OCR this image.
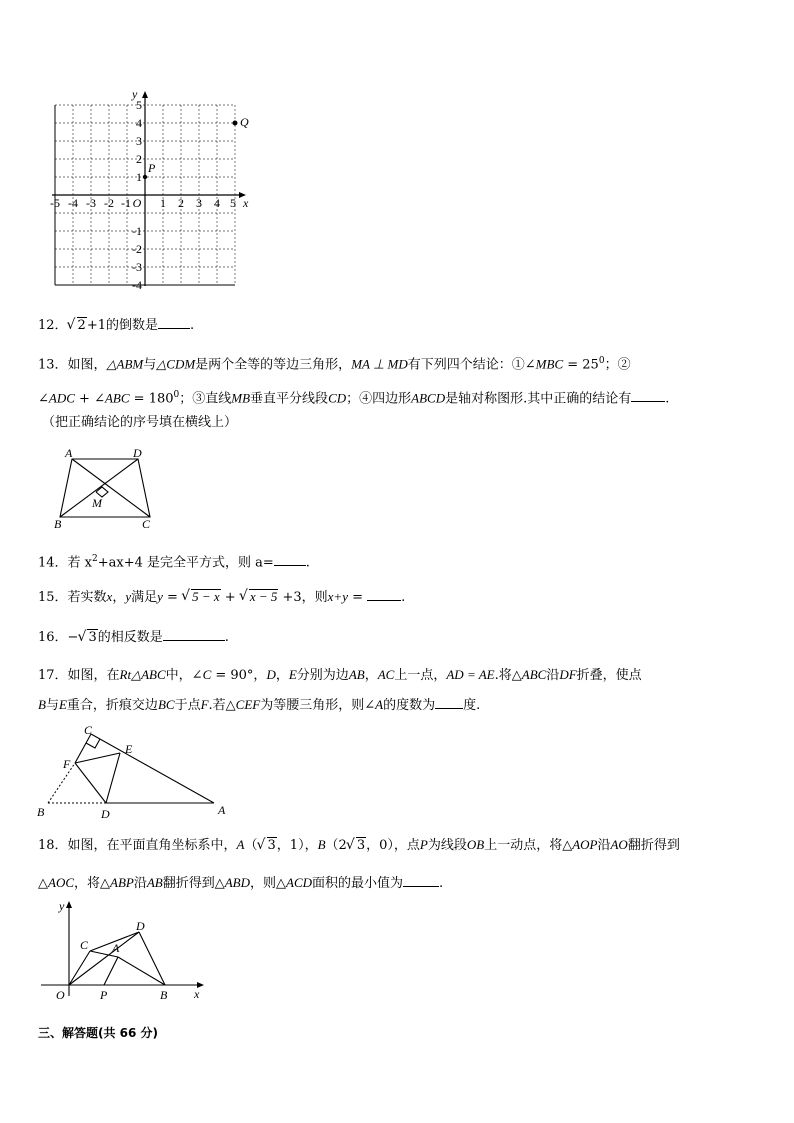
-5 -4 -3 -2 -1 O 1 2 3 4 5
1
2
3
4
5
-1
-2
-3
-4
x
y
P
Q
12． √ 2+1的倒数是 .
13．如图，△ABM与△CDM是两个全等的等边三角形，MA ⊥ MD有下列四个结论：①∠MBC = $25^0$；②
∠ADC + ∠ABC = $180^0$；③直线MB垂直平分线段CD；④四边形ABCD是轴对称图形.其中正确的结论有	.
（把正确结论的序号填在横线上）
A	D
M
B	C
14．若 $x^2+ax+4$ 是完全平方式，则 a= .
15．若实数x，y满足y = √ 5 − x + √ x − 5 +3，则x+y =	.
16．− √ 3的相反数是	.
17．如图，在Rt△ABC中，∠C = 90°，D，E分别为边AB，AC上一点，AD = AE.将△ABC沿DF折叠，使点
B与E重合，折痕交边BC于点F.若△CEF为等腰三角形，则∠A的度数为 度.
C
E
F
B	D	A
18．如图，在平面直角坐标系中，A（ √ 3，1），B（2 √ 3，0），点P为线段OB上一动点，将△AOP沿AO翻折得到
△AOC，将△ABP沿AB翻折得到△ABD，则△ACD面积的最小值为	.
y
x
O	P	B
C A
D
三、解答题(共 66 分)
